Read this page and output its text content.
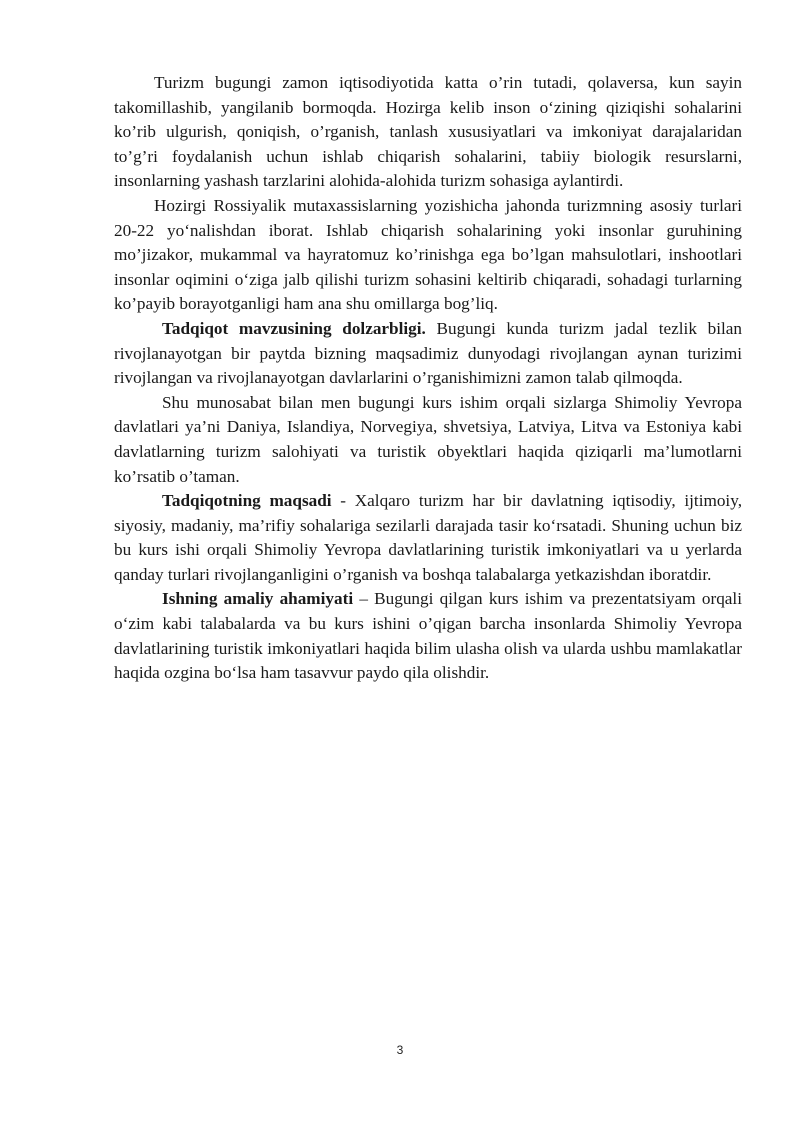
Turizm bugungi zamon iqtisodiyotida katta o’rin tutadi, qolaversa, kun sayin takomillashib, yangilanib bormoqda. Hozirga kelib inson o‘zining qiziqishi sohalarini ko’rib ulgurish, qoniqish, o’rganish, tanlash xususiyatlari va imkoniyat darajalaridan to’g’ri foydalanish uchun ishlab chiqarish sohalarini, tabiiy biologik resurslarni, insonlarning yashash tarzlarini alohida-alohida turizm sohasiga aylantirdi.

Hozirgi Rossiyalik mutaxassislarning yozishicha jahonda turizmning asosiy turlari 20-22 yo‘nalishdan iborat. Ishlab chiqarish sohalarining yoki insonlar guruhining mo’jizakor, mukammal va hayratomuz ko’rinishga ega bo’lgan mahsulotlari, inshootlari insonlar oqimini o‘ziga jalb qilishi turizm sohasini keltirib chiqaradi, sohadagi turlarning ko’payib borayotganligi ham ana shu omillarga bog’liq.

Tadqiqot mavzusining dolzarbligi. Bugungi kunda turizm jadal tezlik bilan rivojlanayotgan bir paytda bizning maqsadimiz dunyodagi rivojlangan aynan turizimi rivojlangan va rivojlanayotgan davlarlarini o’rganishimizni zamon talab qilmoqda.

Shu munosabat bilan men bugungi kurs ishim orqali sizlarga Shimoliy Yevropa davlatlari ya’ni Daniya, Islandiya, Norvegiya, shvetsiya, Latviya, Litva va Estoniya kabi davlatlarning turizm salohiyati va turistik obyektlari haqida qiziqarli ma’lumotlarni ko’rsatib o’taman.

Tadqiqotning maqsadi - Xalqaro turizm har bir davlatning iqtisodiy, ijtimoiy, siyosiy, madaniy, ma’rifiy sohalariga sezilarli darajada tasir ko‘rsatadi. Shuning uchun biz bu kurs ishi orqali Shimoliy Yevropa davlatlarining turistik imkoniyatlari va u yerlarda qanday turlari rivojlanganligini o’rganish va boshqa talabalarga yetkazishdan iboratdir.

Ishning amaliy ahamiyati – Bugungi qilgan kurs ishim va prezentatsiyam orqali o‘zim kabi talabalarda va bu kurs ishini o’qigan barcha insonlarda Shimoliy Yevropa davlatlarining turistik imkoniyatlari haqida bilim ulasha olish va ularda ushbu mamlakatlar haqida ozgina bo‘lsa ham tasavvur paydo qila olishdir.

3
